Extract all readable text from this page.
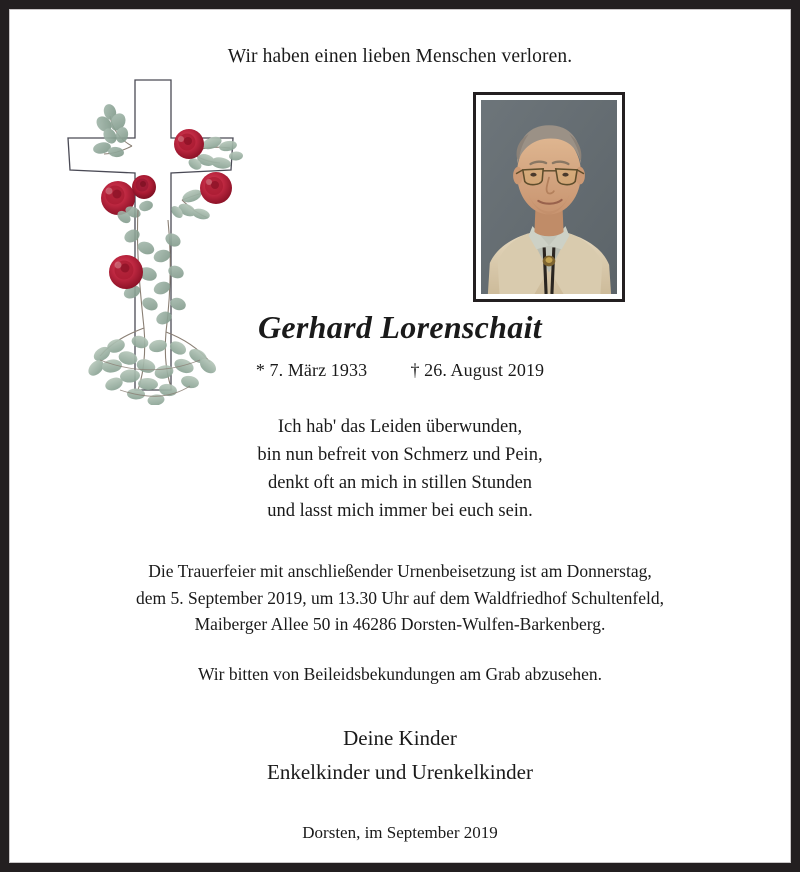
Wir haben einen lieben Menschen verloren.
Gerhard Lorenschait
* 7. März 1933 † 26. August 2019
Ich hab' das Leiden überwunden,
bin nun befreit von Schmerz und Pein,
denkt oft an mich in stillen Stunden
und lasst mich immer bei euch sein.
Die Trauerfeier mit anschließender Urnenbeisetzung ist am Donnerstag,
dem 5. September 2019, um 13.30 Uhr auf dem Waldfriedhof Schultenfeld,
Maiberger Allee 50 in 46286 Dorsten-Wulfen-Barkenberg.
Wir bitten von Beileidsbekundungen am Grab abzusehen.
Deine Kinder
Enkelkinder und Urenkelkinder
Dorsten, im September 2019
